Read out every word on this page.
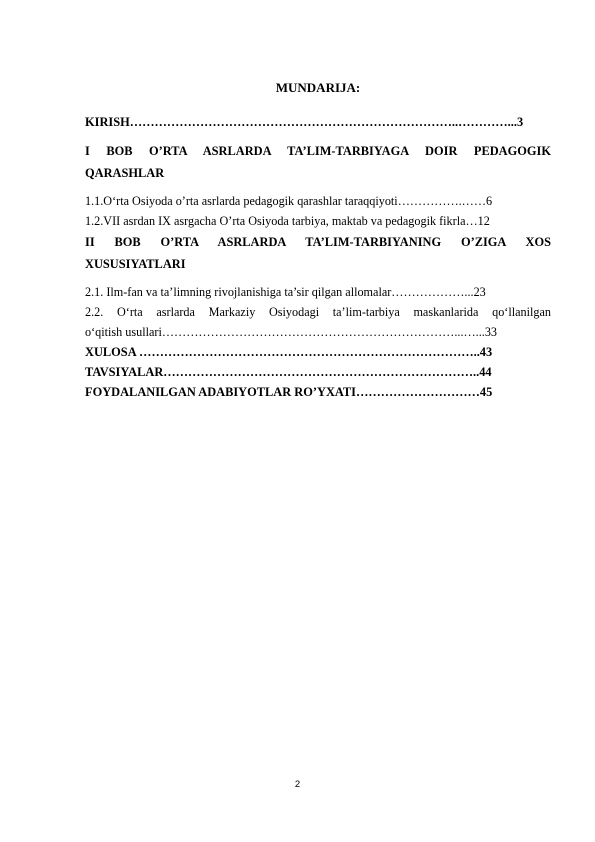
MUNDARIJA:
KIRISH……………………………………………………………………..…………...3
I BOB O’RTA ASRLARDA TA’LIM-TARBIYAGA DOIR PEDAGOGIK
QARASHLAR
1.1.O‘rta Osiyoda o’rta asrlarda pedagogik qarashlar taraqqiyoti…………….……6
1.2.VII asrdan IX asrgacha O’rta Osiyoda tarbiya, maktab va pedagogik fikrla…12
II BOB O’RTA ASRLARDA TA’LIM-TARBIYANING O’ZIGA XOS
XUSUSIYATLARI
2.1. Ilm-fan va ta’limning rivojlanishiga ta’sir qilgan allomalar………………...23
2.2. O‘rta asrlarda Markaziy Osiyodagi ta’lim-tarbiya maskanlarida qo‘llanilgan
o‘qitish usullari………………………………………………………………...…...33
XULOSA ………………………………………………………………………..43
TAVSIYALAR…………………………………………………………………..44
FOYDALANILGAN ADABIYOTLAR RO’YXATI…………………………45
2
